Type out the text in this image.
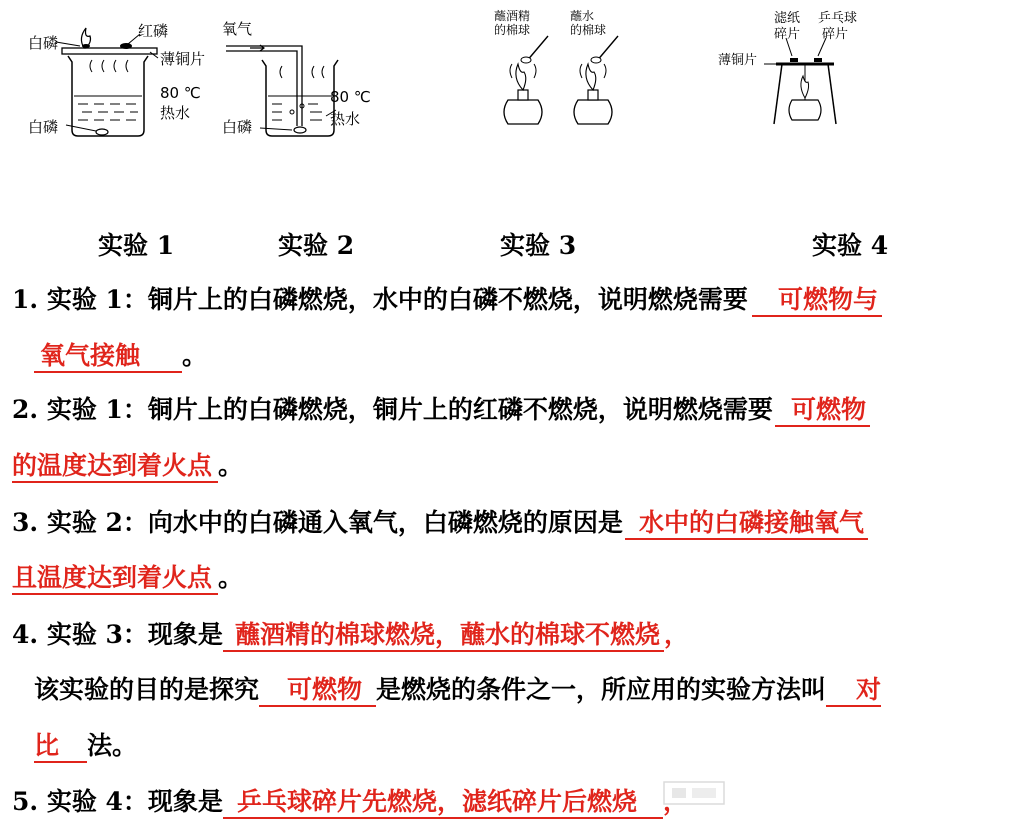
白磷
红磷
薄铜片
80 ℃
热水
白磷
氧气
80 ℃
热水
白磷
蘸酒精
的棉球
蘸水
的棉球
滤纸
碎片
乒乓球
碎片
薄铜片
实验 1	实验 2	实验 3	实验 4
1. 实验 1：铜片上的白磷燃烧，水中的白磷不燃烧，说明燃烧需要 可燃物与
氧气接触 。
2. 实验 1：铜片上的白磷燃烧，铜片上的红磷不燃烧，说明燃烧需要 可燃物
的温度达到着火点 。
3. 实验 2：向水中的白磷通入氧气，白磷燃烧的原因是 水中的白磷接触氧气
且温度达到着火点 。
4. 实验 3：现象是 蘸酒精的棉球燃烧，蘸水的棉球不燃烧 ，
该实验的目的是探究 可燃物 是燃烧的条件之一，所应用的实验方法叫 对
比 法。
5. 实验 4：现象是 乒乓球碎片先燃烧，滤纸碎片后燃烧 ，
